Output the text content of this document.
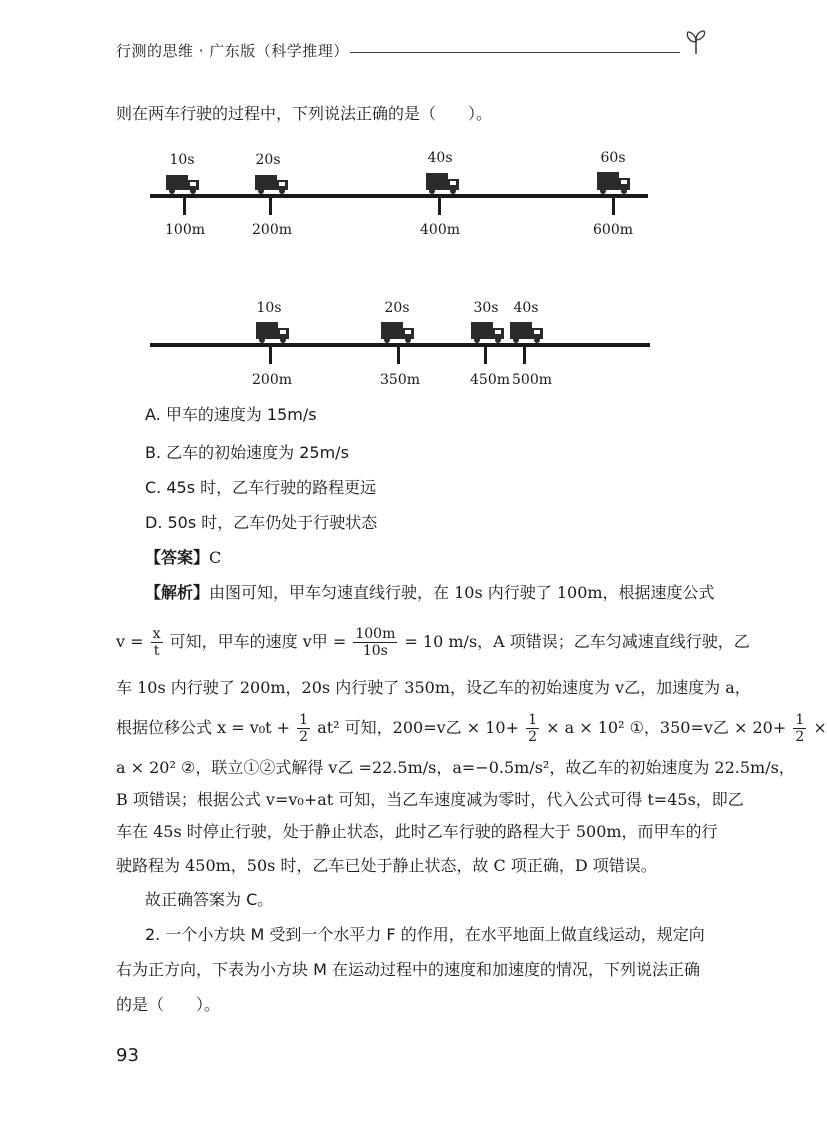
行测的思维 · 广东版（科学推理）
则在两车行驶的过程中，下列说法正确的是（　　）。
10s	20s	40s	60s
100m	200m	400m	600m
10s	20s	30s 40s
200m	350m	450m 500m
A. 甲车的速度为 15m/s
B. 乙车的初始速度为 25m/s
C. 45s 时，乙车行驶的路程更远
D. 50s 时，乙车仍处于行驶状态
【答案】C
【解析】由图可知，甲车匀速直线行驶，在 10s 内行驶了 100m，根据速度公式
$v = \frac{x}{t}$ 可知，甲车的速度 v甲 = $\frac{100m}{10s} = 10$ m/s，A 项错误；乙车匀减速直线行驶，乙
车 10s 内行驶了 200m，20s 内行驶了 350m，设乙车的初始速度为 v乙，加速度为 a，
根据位移公式 $x = v_0t + \frac{1}{2} at^2$ 可知，200=v乙 × $10+ \frac{1}{2} \times a \times 10^2$ ①，350=v乙 × $20+ \frac{1}{2}$ ×
a × 20² ②，联立①②式解得 v乙 =22.5m/s，a=−0.5m/s²，故乙车的初始速度为 22.5m/s，
B 项错误；根据公式 v=v₀+at 可知，当乙车速度减为零时，代入公式可得 t=45s，即乙
车在 45s 时停止行驶，处于静止状态，此时乙车行驶的路程大于 500m，而甲车的行
驶路程为 450m，50s 时，乙车已处于静止状态，故 C 项正确，D 项错误。
故正确答案为 C。
2. 一个小方块 M 受到一个水平力 F 的作用，在水平地面上做直线运动，规定向
右为正方向，下表为小方块 M 在运动过程中的速度和加速度的情况，下列说法正确
的是（　　）。
93
